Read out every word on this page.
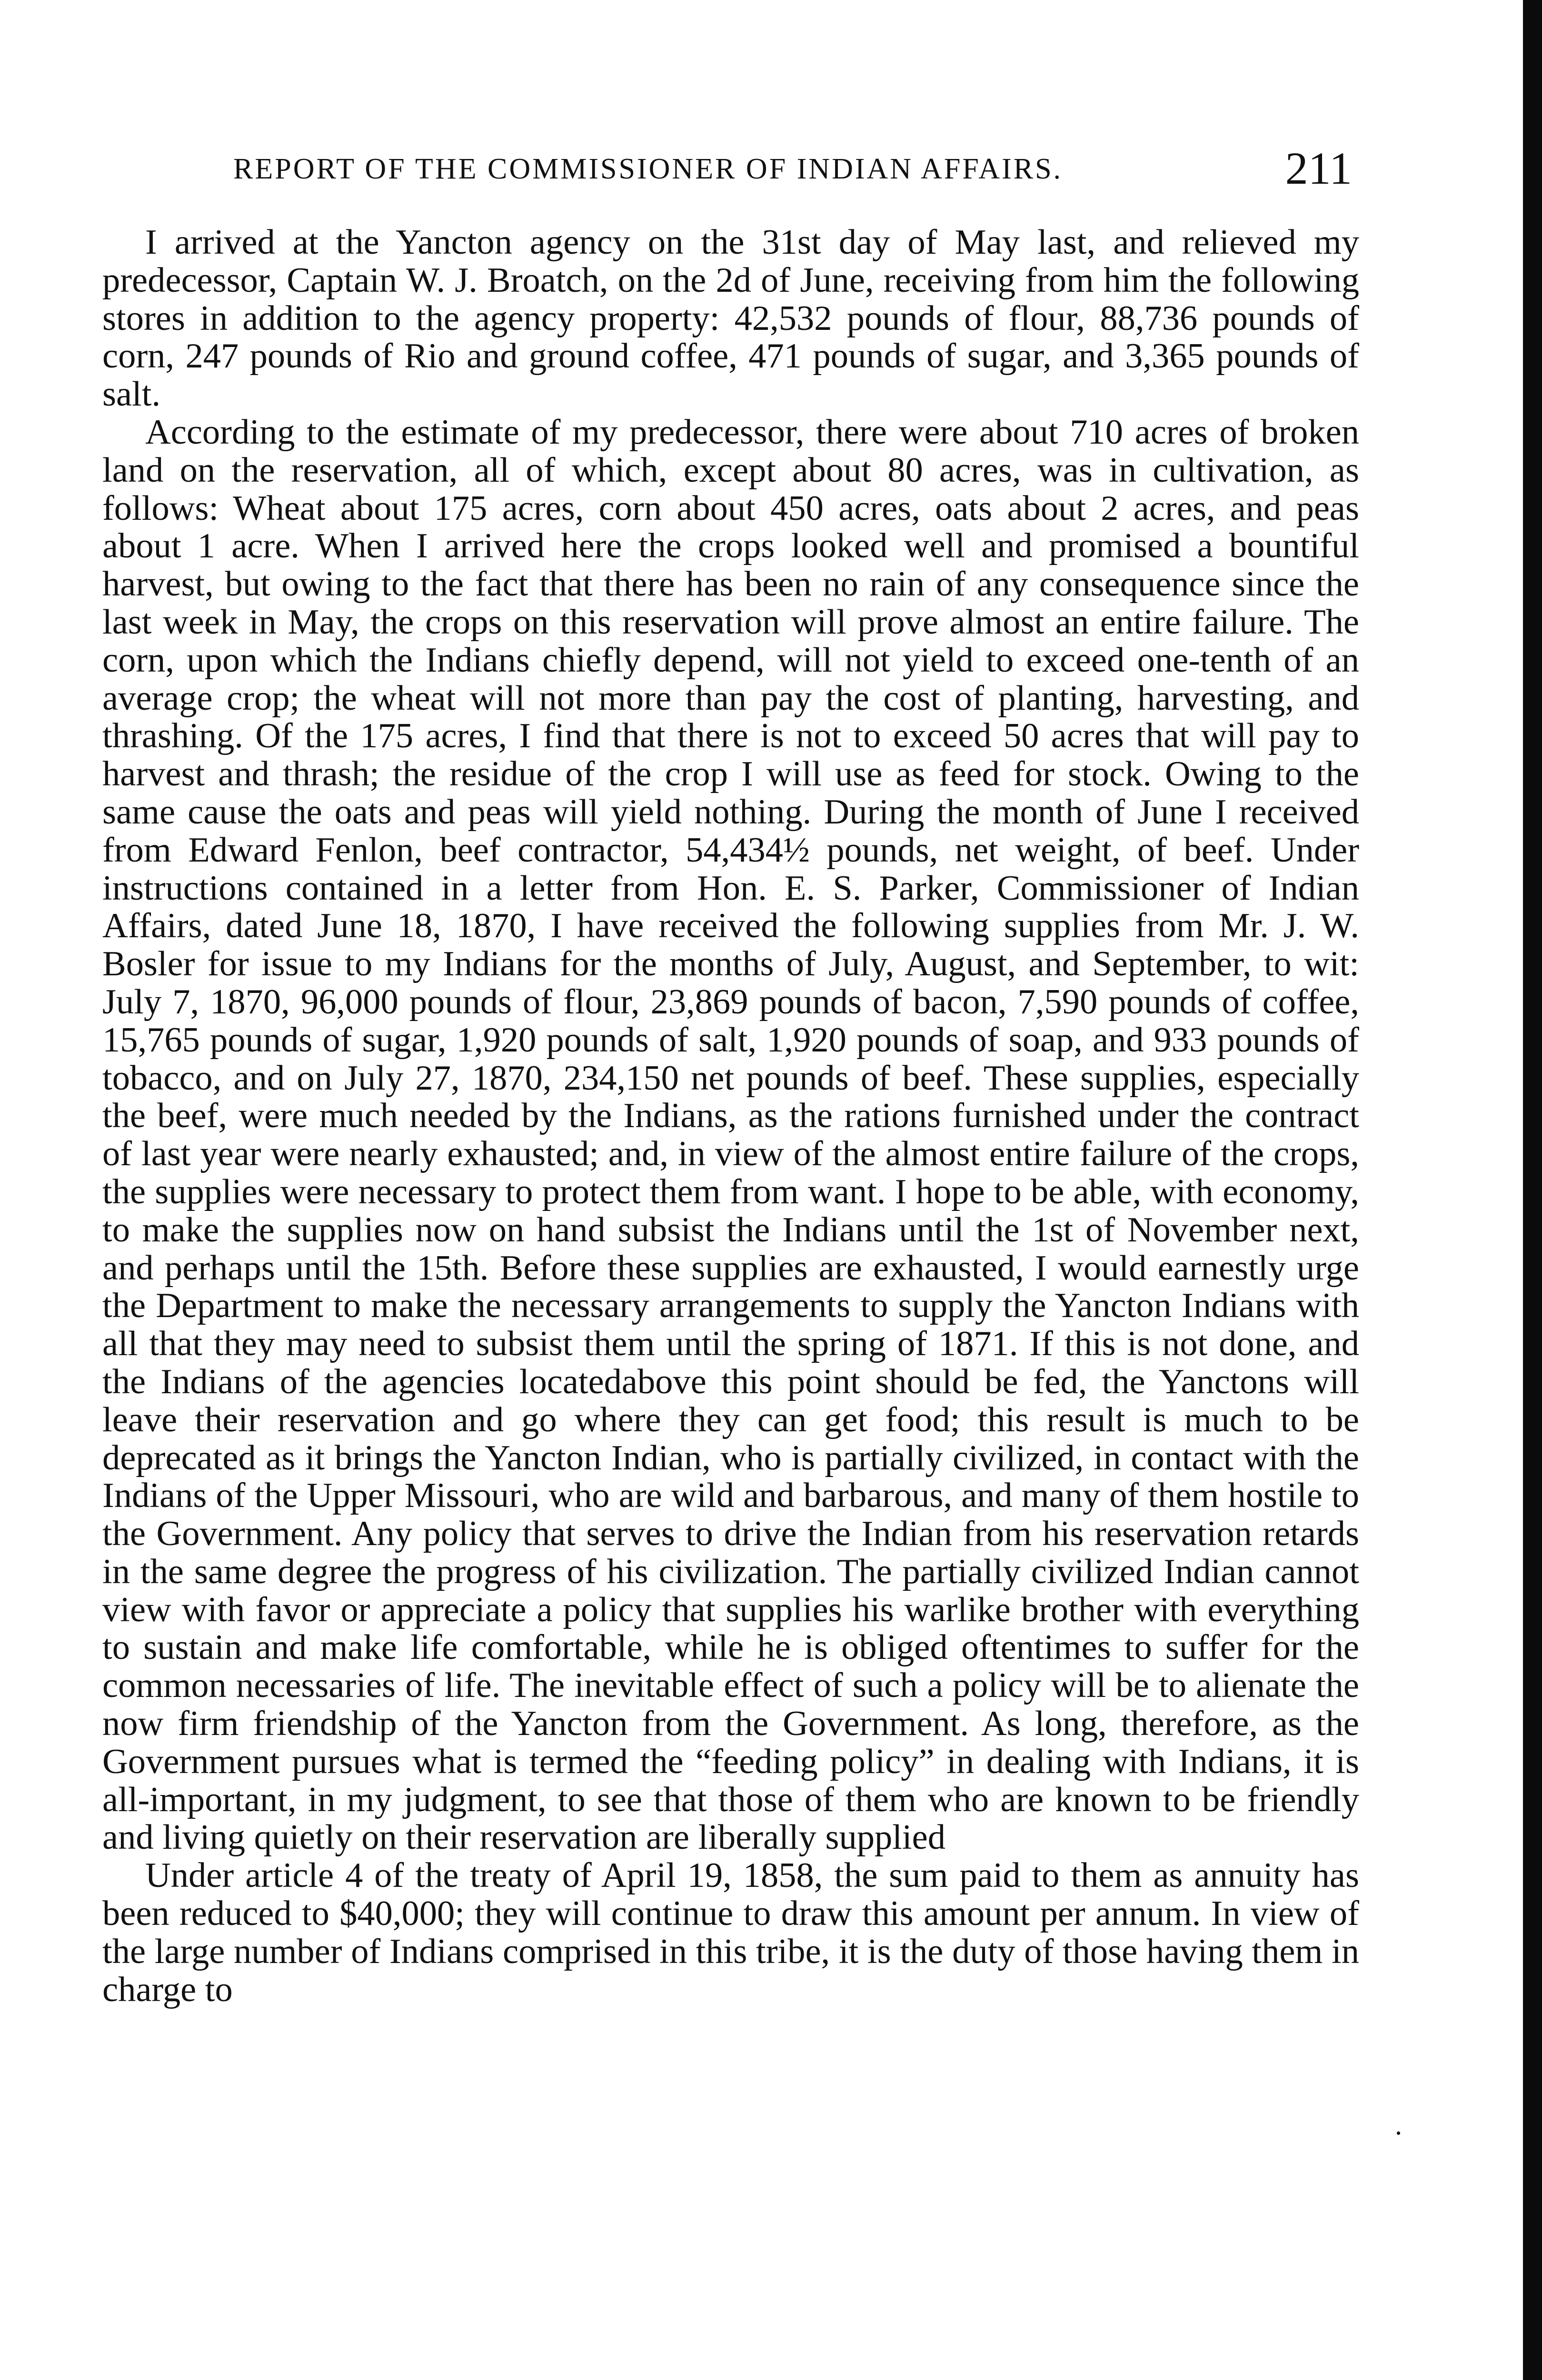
REPORT OF THE COMMISSIONER OF INDIAN AFFAIRS.	211

I arrived at the Yancton agency on the 31st day of May last, and relieved my predecessor, Captain W. J. Broatch, on the 2d of June, receiving from him the following stores in addition to the agency property: 42,532 pounds of flour, 88,736 pounds of corn, 247 pounds of Rio and ground coffee, 471 pounds of sugar, and 3,365 pounds of salt.

According to the estimate of my predecessor, there were about 710 acres of broken land on the reservation, all of which, except about 80 acres, was in cultivation, as follows: Wheat about 175 acres, corn about 450 acres, oats about 2 acres, and peas about 1 acre. When I arrived here the crops looked well and promised a bountiful harvest, but owing to the fact that there has been no rain of any consequence since the last week in May, the crops on this reservation will prove almost an entire failure. The corn, upon which the Indians chiefly depend, will not yield to exceed one-tenth of an average crop; the wheat will not more than pay the cost of planting, harvesting, and thrashing. Of the 175 acres, I find that there is not to exceed 50 acres that will pay to harvest and thrash; the residue of the crop I will use as feed for stock. Owing to the same cause the oats and peas will yield nothing. During the month of June I received from Edward Fenlon, beef contractor, 54,434½ pounds, net weight, of beef. Under instructions contained in a letter from Hon. E. S. Parker, Commissioner of Indian Affairs, dated June 18, 1870, I have received the following supplies from Mr. J. W. Bosler for issue to my Indians for the months of July, August, and September, to wit: July 7, 1870, 96,000 pounds of flour, 23,869 pounds of bacon, 7,590 pounds of coffee, 15,765 pounds of sugar, 1,920 pounds of salt, 1,920 pounds of soap, and 933 pounds of tobacco, and on July 27, 1870, 234,150 net pounds of beef. These supplies, especially the beef, were much needed by the Indians, as the rations furnished under the contract of last year were nearly exhausted; and, in view of the almost entire failure of the crops, the supplies were necessary to protect them from want. I hope to be able, with economy, to make the supplies now on hand subsist the Indians until the 1st of November next, and perhaps until the 15th. Before these supplies are exhausted, I would earnestly urge the Department to make the necessary arrangements to supply the Yancton Indians with all that they may need to subsist them until the spring of 1871. If this is not done, and the Indians of the agencies locatedabove this point should be fed, the Yanctons will leave their reservation and go where they can get food; this result is much to be deprecated as it brings the Yancton Indian, who is partially civilized, in contact with the Indians of the Upper Missouri, who are wild and barbarous, and many of them hostile to the Government. Any policy that serves to drive the Indian from his reservation retards in the same degree the progress of his civilization. The partially civilized Indian cannot view with favor or appreciate a policy that supplies his warlike brother with everything to sustain and make life comfortable, while he is obliged oftentimes to suffer for the common necessaries of life. The inevitable effect of such a policy will be to alienate the now firm friendship of the Yancton from the Government. As long, therefore, as the Government pursues what is termed the “feeding policy” in dealing with Indians, it is all-important, in my judgment, to see that those of them who are known to be friendly and living quietly on their reservation are liberally supplied

Under article 4 of the treaty of April 19, 1858, the sum paid to them as annuity has been reduced to $40,000; they will continue to draw this amount per annum. In view of the large number of Indians comprised in this tribe, it is the duty of those having them in charge to

.
